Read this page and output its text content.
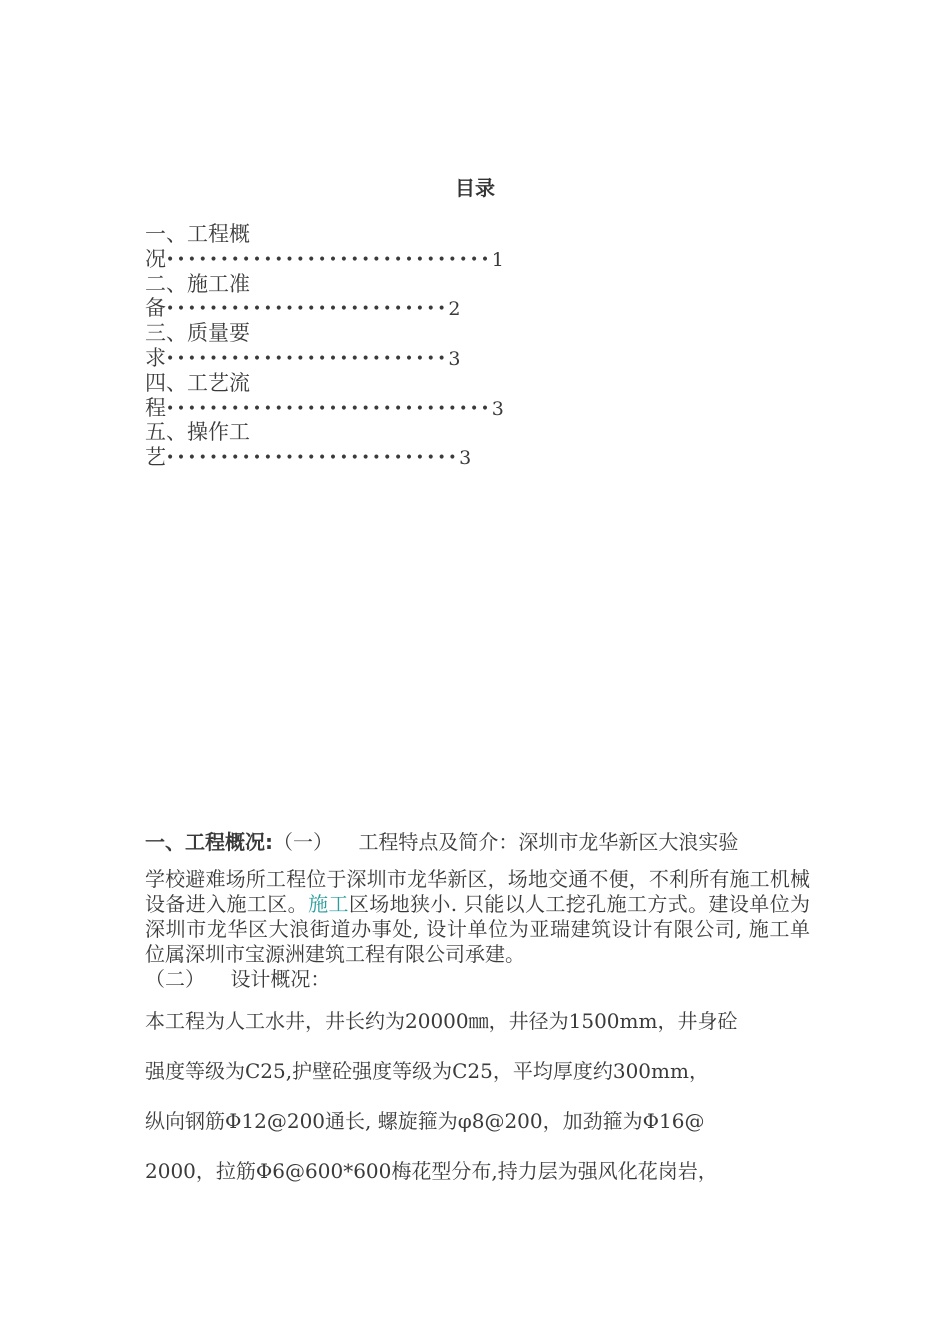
目录
一、工程概
况••••••••••••••••••••••••••••••1
二、施工准
备••••••••••••••••••••••••••2
三、质量要
求••••••••••••••••••••••••••3
四、工艺流
程••••••••••••••••••••••••••••••3
五、操作工
艺•••••••••••••••••••••••••••3
一、工程概况:（一） 工程特点及简介：深圳市龙华新区大浪实验
学校避难场所工程位于深圳市龙华新区，场地交通不便，不利所有施工机械设备进入施工区。施工区场地狭小. 只能以人工挖孔施工方式。建设单位为深圳市龙华区大浪街道办事处, 设计单位为亚瑞建筑设计有限公司, 施工单位属深圳市宝源洲建筑工程有限公司承建。
（二） 设计概况：
本工程为人工水井，井长约为20000㎜，井径为1500mm，井身砼
强度等级为C25,护壁砼强度等级为C25，平均厚度约300mm，
纵向钢筋Φ12@200通长, 螺旋箍为φ8@200，加劲箍为Φ16@
2000，拉筋Φ6@600*600梅花型分布,持力层为强风化花岗岩，
